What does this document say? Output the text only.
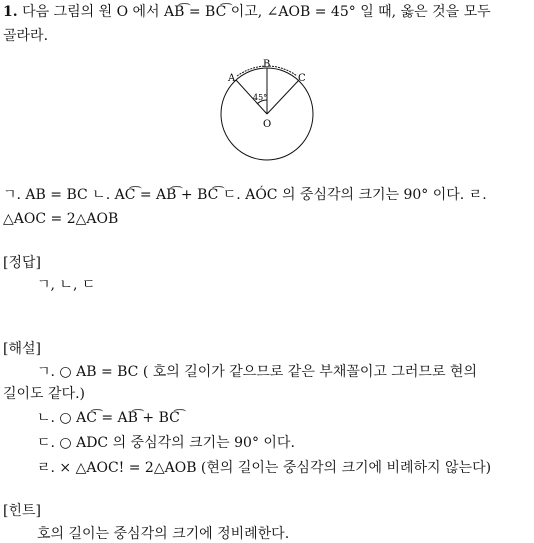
1. 다음 그림의 원 O 에서 AB͡ = BC͡ 이고, ∠AOB = 45° 일 때, 옳은 것을 모두
골라라.
A
B
C
O
45°
ㄱ. AB = BC ㄴ. AC͡ = AB͡ + BC͡ ㄷ. AÓC 의 중심각의 크기는 90° 이다. ㄹ.
△AOC = 2△AOB
[정답]
ㄱ, ㄴ, ㄷ
[해설]
ㄱ. ○ AB = BC ( 호의 길이가 같으므로 같은 부채꼴이고 그러므로 현의
길이도 같다.)
ㄴ. ○ AC͡ = AB͡ + BC͡
ㄷ. ○ ADC 의 중심각의 크기는 90° 이다.
ㄹ. × △AOC! = 2△AOB (현의 길이는 중심각의 크기에 비례하지 않는다)
[힌트]
호의 길이는 중심각의 크기에 정비례한다.
